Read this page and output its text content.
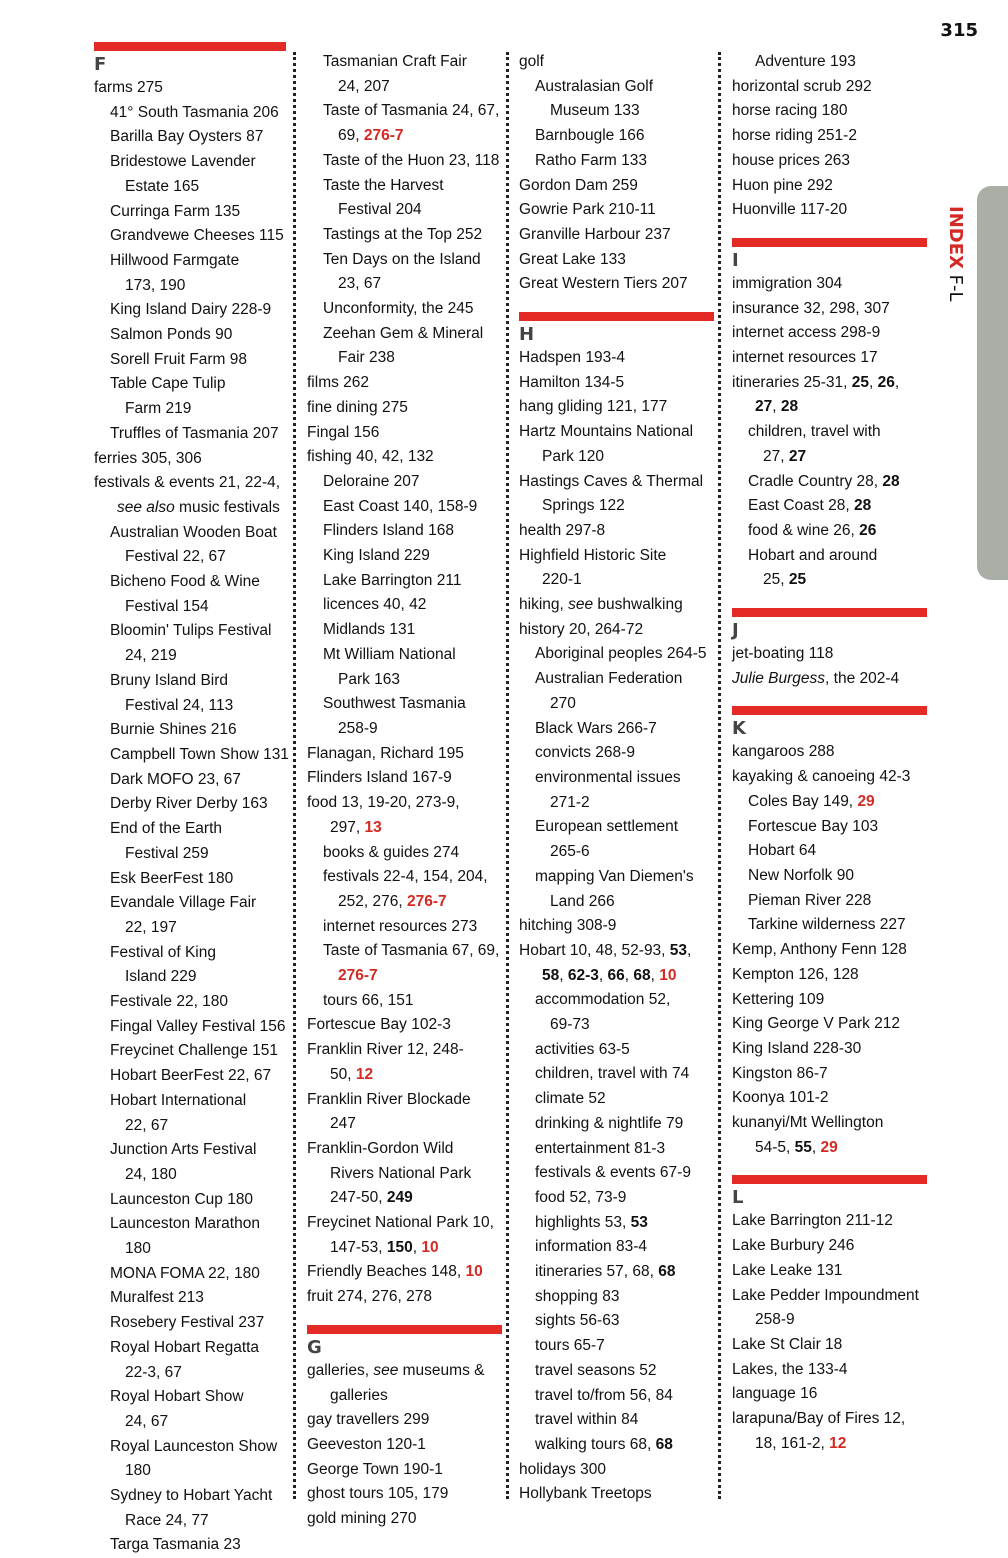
315
INDEX F-L
F
farms 275
41° South Tasmania 206
Barilla Bay Oysters 87
Bridestowe Lavender
Estate 165
Curringa Farm 135
Grandvewe Cheeses 115
Hillwood Farmgate
173, 190
King Island Dairy 228-9
Salmon Ponds 90
Sorell Fruit Farm 98
Table Cape Tulip
Farm 219
Truffles of Tasmania 207
ferries 305, 306
festivals & events 21, 22-4,
see also music festivals
Australian Wooden Boat
Festival 22, 67
Bicheno Food & Wine
Festival 154
Bloomin' Tulips Festival
24, 219
Bruny Island Bird
Festival 24, 113
Burnie Shines 216
Campbell Town Show 131
Dark MOFO 23, 67
Derby River Derby 163
End of the Earth
Festival 259
Esk BeerFest 180
Evandale Village Fair
22, 197
Festival of King
Island 229
Festivale 22, 180
Fingal Valley Festival 156
Freycinet Challenge 151
Hobart BeerFest 22, 67
Hobart International
22, 67
Junction Arts Festival
24, 180
Launceston Cup 180
Launceston Marathon
180
MONA FOMA 22, 180
Muralfest 213
Rosebery Festival 237
Royal Hobart Regatta
22-3, 67
Royal Hobart Show
24, 67
Royal Launceston Show
180
Sydney to Hobart Yacht
Race 24, 77
Targa Tasmania 23
Tasmanian Craft Fair
24, 207
Taste of Tasmania 24, 67,
69, 276-7
Taste of the Huon 23, 118
Taste the Harvest
Festival 204
Tastings at the Top 252
Ten Days on the Island
23, 67
Unconformity, the 245
Zeehan Gem & Mineral
Fair 238
films 262
fine dining 275
Fingal 156
fishing 40, 42, 132
Deloraine 207
East Coast 140, 158-9
Flinders Island 168
King Island 229
Lake Barrington 211
licences 40, 42
Midlands 131
Mt William National
Park 163
Southwest Tasmania
258-9
Flanagan, Richard 195
Flinders Island 167-9
food 13, 19-20, 273-9,
297, 13
books & guides 274
festivals 22-4, 154, 204,
252, 276, 276-7
internet resources 273
Taste of Tasmania 67, 69,
276-7
tours 66, 151
Fortescue Bay 102-3
Franklin River 12, 248-
50, 12
Franklin River Blockade
247
Franklin-Gordon Wild
Rivers National Park
247-50, 249
Freycinet National Park 10,
147-53, 150, 10
Friendly Beaches 148, 10
fruit 274, 276, 278
G
galleries, see museums &
galleries
gay travellers 299
Geeveston 120-1
George Town 190-1
ghost tours 105, 179
gold mining 270
golf
Australasian Golf
Museum 133
Barnbougle 166
Ratho Farm 133
Gordon Dam 259
Gowrie Park 210-11
Granville Harbour 237
Great Lake 133
Great Western Tiers 207
H
Hadspen 193-4
Hamilton 134-5
hang gliding 121, 177
Hartz Mountains National
Park 120
Hastings Caves & Thermal
Springs 122
health 297-8
Highfield Historic Site
220-1
hiking, see bushwalking
history 20, 264-72
Aboriginal peoples 264-5
Australian Federation
270
Black Wars 266-7
convicts 268-9
environmental issues
271-2
European settlement
265-6
mapping Van Diemen's
Land 266
hitching 308-9
Hobart 10, 48, 52-93, 53,
58, 62-3, 66, 68, 10
accommodation 52,
69-73
activities 63-5
children, travel with 74
climate 52
drinking & nightlife 79
entertainment 81-3
festivals & events 67-9
food 52, 73-9
highlights 53, 53
information 83-4
itineraries 57, 68, 68
shopping 83
sights 56-63
tours 65-7
travel seasons 52
travel to/from 56, 84
travel within 84
walking tours 68, 68
holidays 300
Hollybank Treetops
Adventure 193
horizontal scrub 292
horse racing 180
horse riding 251-2
house prices 263
Huon pine 292
Huonville 117-20
I
immigration 304
insurance 32, 298, 307
internet access 298-9
internet resources 17
itineraries 25-31, 25, 26,
27, 28
children, travel with
27, 27
Cradle Country 28, 28
East Coast 28, 28
food & wine 26, 26
Hobart and around
25, 25
J
jet-boating 118
Julie Burgess, the 202-4
K
kangaroos 288
kayaking & canoeing 42-3
Coles Bay 149, 29
Fortescue Bay 103
Hobart 64
New Norfolk 90
Pieman River 228
Tarkine wilderness 227
Kemp, Anthony Fenn 128
Kempton 126, 128
Kettering 109
King George V Park 212
King Island 228-30
Kingston 86-7
Koonya 101-2
kunanyi/Mt Wellington
54-5, 55, 29
L
Lake Barrington 211-12
Lake Burbury 246
Lake Leake 131
Lake Pedder Impoundment
258-9
Lake St Clair 18
Lakes, the 133-4
language 16
larapuna/Bay of Fires 12,
18, 161-2, 12
